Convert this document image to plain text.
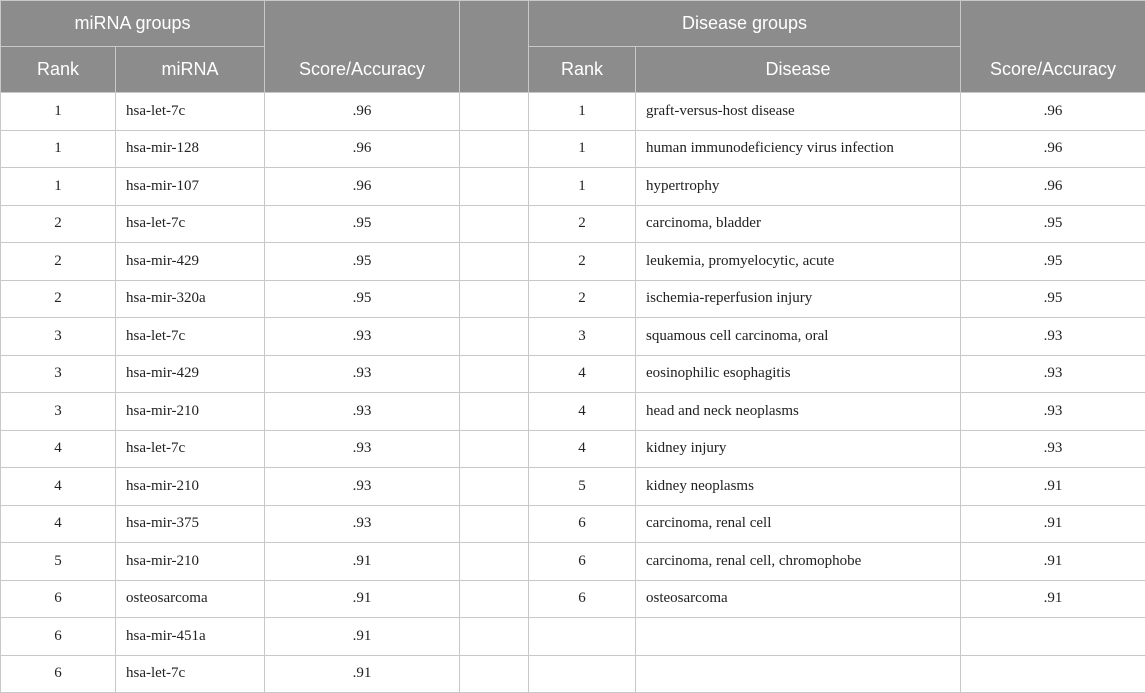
miRNA groups		Score/Accuracy		Disease groups		Score/Accuracy
Rank	miRNA			Rank	Disease	
1	hsa-let-7c	.96		1	graft-versus-host disease	.96
1	hsa-mir-128	.96		1	human immunodeficiency virus infection	.96
1	hsa-mir-107	.96		1	hypertrophy	.96
2	hsa-let-7c	.95		2	carcinoma, bladder	.95
2	hsa-mir-429	.95		2	leukemia, promyelocytic, acute	.95
2	hsa-mir-320a	.95		2	ischemia-reperfusion injury	.95
3	hsa-let-7c	.93		3	squamous cell carcinoma, oral	.93
3	hsa-mir-429	.93		4	eosinophilic esophagitis	.93
3	hsa-mir-210	.93		4	head and neck neoplasms	.93
4	hsa-let-7c	.93		4	kidney injury	.93
4	hsa-mir-210	.93		5	kidney neoplasms	.91
4	hsa-mir-375	.93		6	carcinoma, renal cell	.91
5	hsa-mir-210	.91		6	carcinoma, renal cell, chromophobe	.91
6	osteosarcoma	.91		6	osteosarcoma	.91
6	hsa-mir-451a	.91				
6	hsa-let-7c	.91				
